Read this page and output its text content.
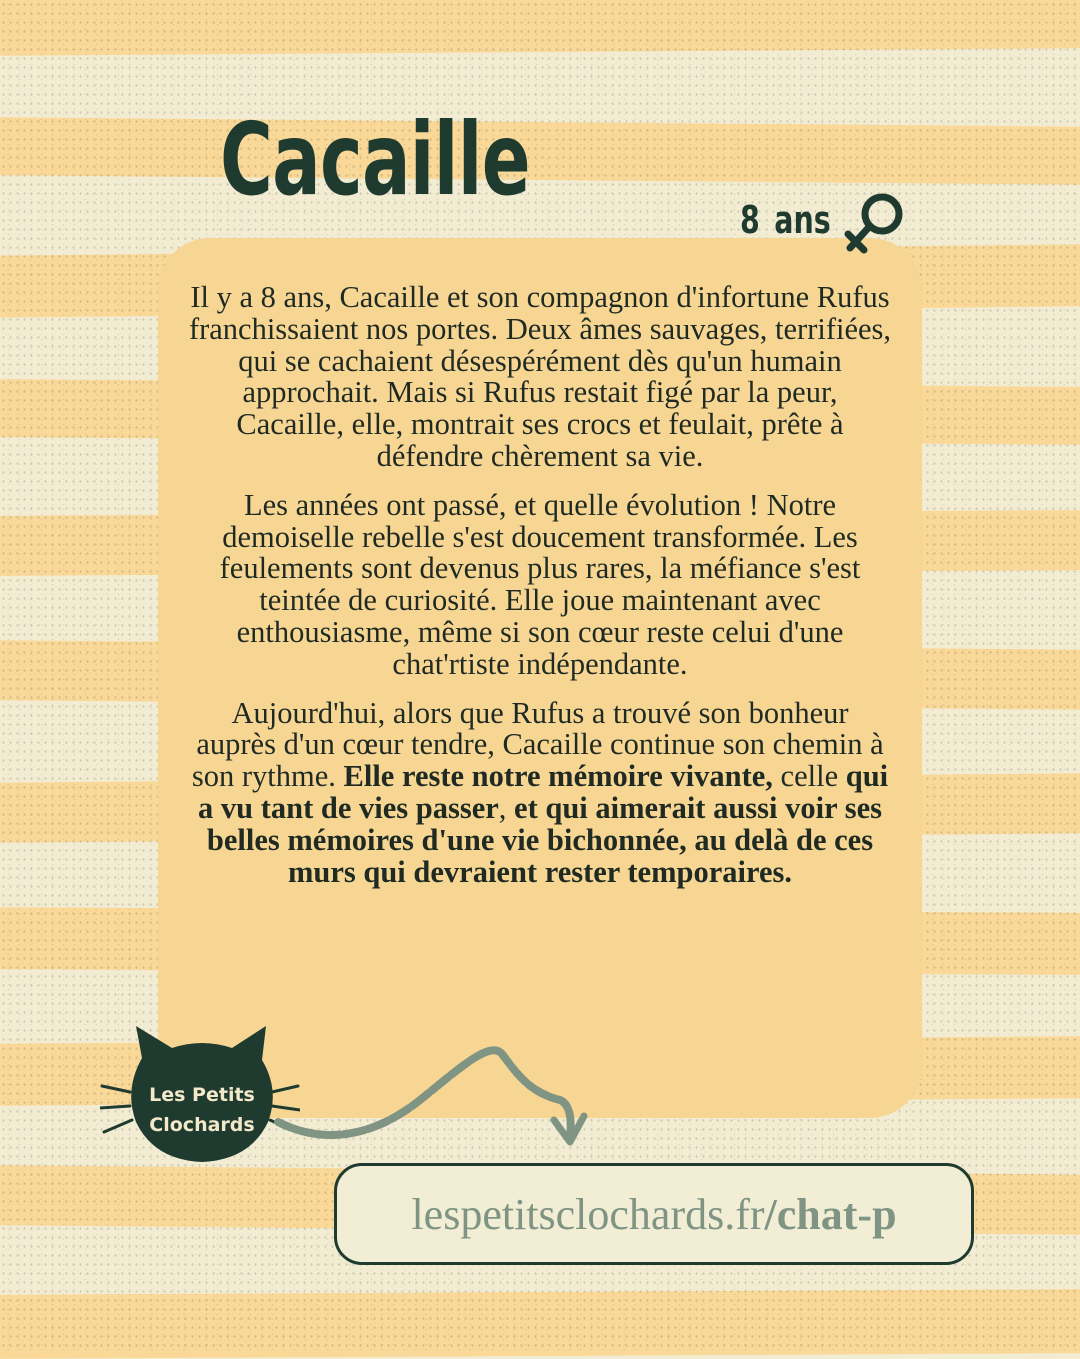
Cacaille
8 ans

Il y a 8 ans, Cacaille et son compagnon d'infortune Rufus franchissaient nos portes. Deux âmes sauvages, terrifiées, qui se cachaient désespérément dès qu'un humain approchait. Mais si Rufus restait figé par la peur, Cacaille, elle, montrait ses crocs et feulait, prête à défendre chèrement sa vie.

Les années ont passé, et quelle évolution ! Notre demoiselle rebelle s'est doucement transformée. Les feulements sont devenus plus rares, la méfiance s'est teintée de curiosité. Elle joue maintenant avec enthousiasme, même si son cœur reste celui d'une chat'rtiste indépendante.

Aujourd'hui, alors que Rufus a trouvé son bonheur auprès d'un cœur tendre, Cacaille continue son chemin à son rythme. Elle reste notre mémoire vivante, celle qui a vu tant de vies passer, et qui aimerait aussi voir ses belles mémoires d'une vie bichonnée, au delà de ces murs qui devraient rester temporaires.

Les Petits
Clochards
lespetitsclochards.fr /chat-p
